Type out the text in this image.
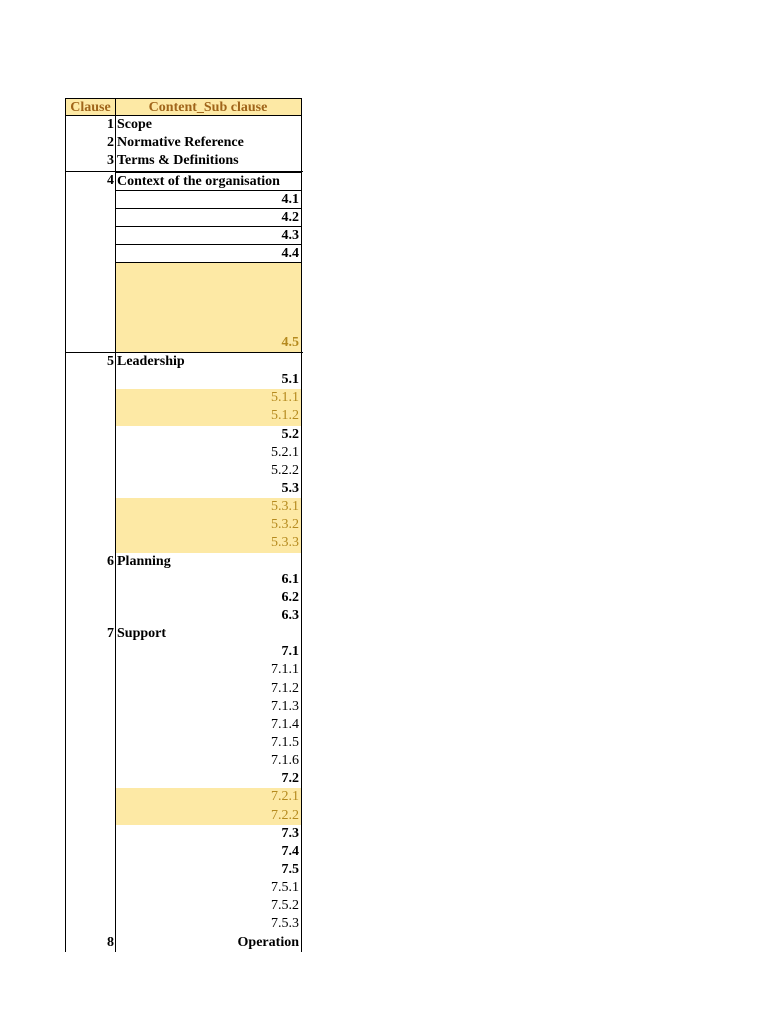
Clause	Content_Sub clause
1 Scope
2 Normative Reference
3 Terms & Definitions
4 Context of the organisation
4.1
4.2
4.3
4.4
4.5
5 Leadership
5.1
5.1.1
5.1.2
5.2
5.2.1
5.2.2
5.3
5.3.1
5.3.2
5.3.3
6 Planning
6.1
6.2
6.3
7 Support
7.1
7.1.1
7.1.2
7.1.3
7.1.4
7.1.5
7.1.6
7.2
7.2.1
7.2.2
7.3
7.4
7.5
7.5.1
7.5.2
7.5.3
8	Operation
